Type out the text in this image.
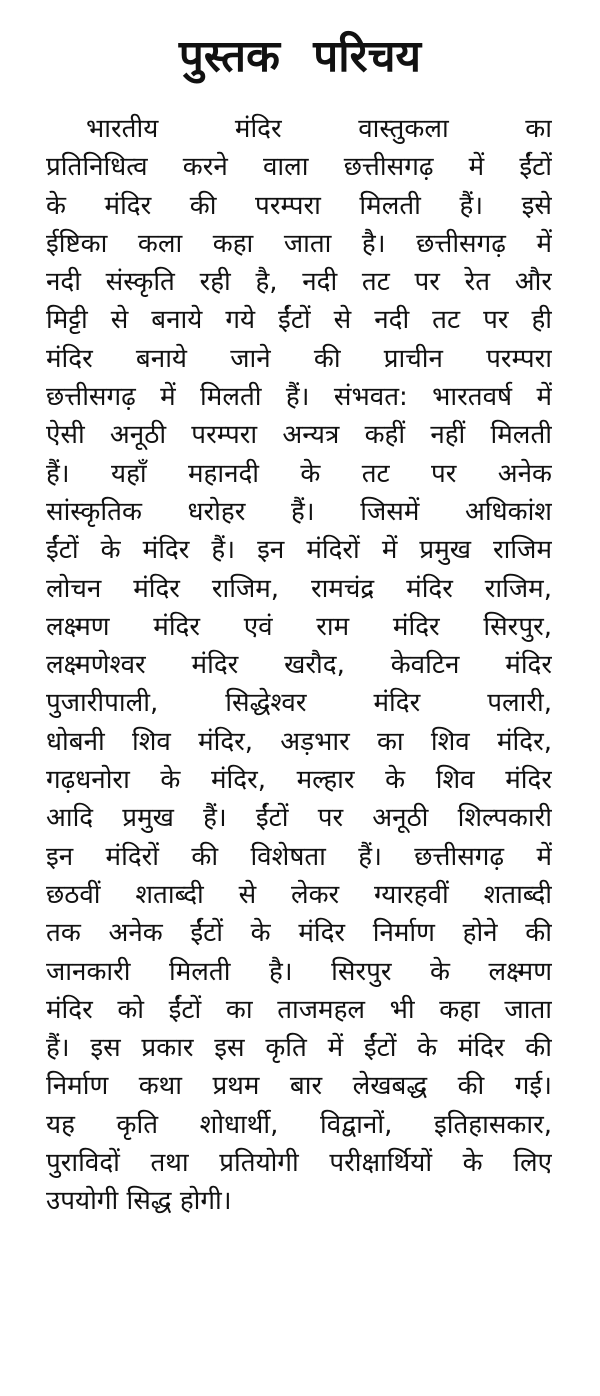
पुस्तक परिचय
भारतीय मंदिर वास्तुकला का
प्रतिनिधित्व करने वाला छत्तीसगढ़ में ईंटों
के मंदिर की परम्परा मिलती हैं। इसे
ईष्टिका कला कहा जाता है। छत्तीसगढ़ में
नदी संस्कृति रही है, नदी तट पर रेत और
मिट्टी से बनाये गये ईंटों से नदी तट पर ही
मंदिर बनाये जाने की प्राचीन परम्परा
छत्तीसगढ़ में मिलती हैं। संभवत: भारतवर्ष में
ऐसी अनूठी परम्परा अन्यत्र कहीं नहीं मिलती
हैं। यहाँ महानदी के तट पर अनेक
सांस्कृतिक धरोहर हैं। जिसमें अधिकांश
ईंटों के मंदिर हैं। इन मंदिरों में प्रमुख राजिम
लोचन मंदिर राजिम, रामचंद्र मंदिर राजिम,
लक्ष्मण मंदिर एवं राम मंदिर सिरपुर,
लक्ष्मणेश्वर मंदिर खरौद, केवटिन मंदिर
पुजारीपाली, सिद्धेश्वर मंदिर पलारी,
धोबनी शिव मंदिर, अड़भार का शिव मंदिर,
गढ़धनोरा के मंदिर, मल्हार के शिव मंदिर
आदि प्रमुख हैं। ईंटों पर अनूठी शिल्पकारी
इन मंदिरों की विशेषता हैं। छत्तीसगढ़ में
छठवीं शताब्दी से लेकर ग्यारहवीं शताब्दी
तक अनेक ईंटों के मंदिर निर्माण होने की
जानकारी मिलती है। सिरपुर के लक्ष्मण
मंदिर को ईंटों का ताजमहल भी कहा जाता
हैं। इस प्रकार इस कृति में ईंटों के मंदिर की
निर्माण कथा प्रथम बार लेखबद्ध की गई।
यह कृति शोधार्थी, विद्वानों, इतिहासकार,
पुराविदों तथा प्रतियोगी परीक्षार्थियों के लिए
उपयोगी सिद्ध होगी।
